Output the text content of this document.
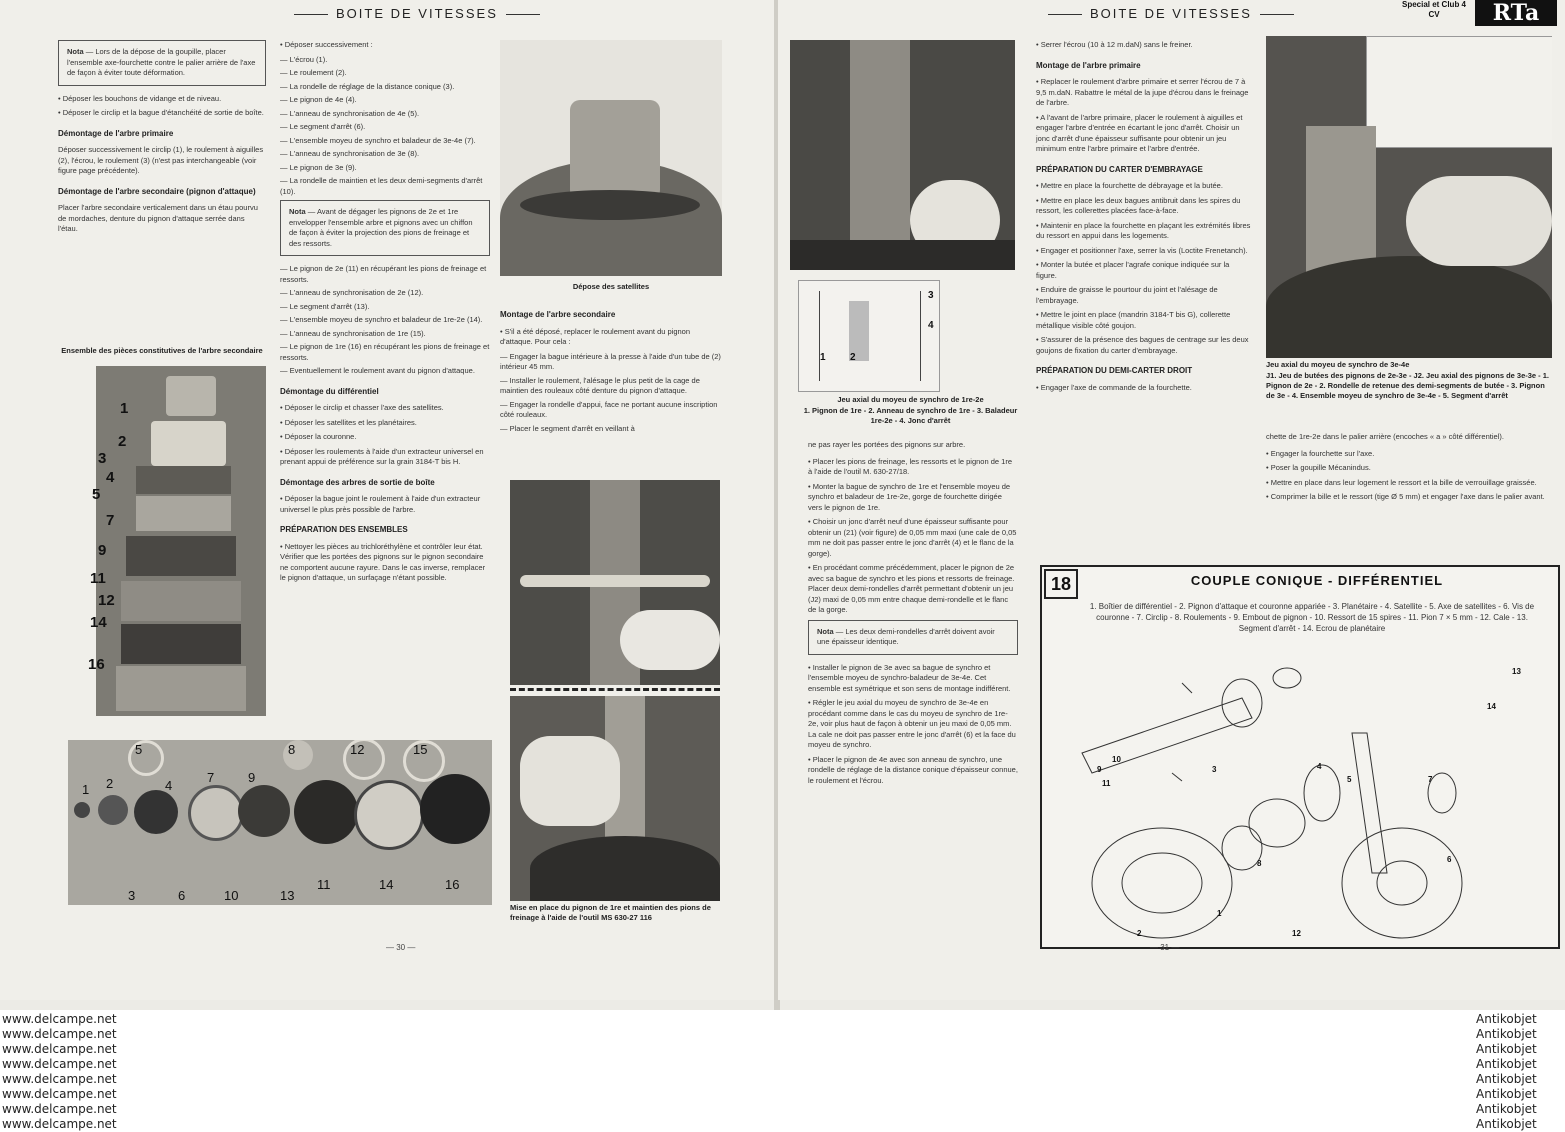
BOITE DE VITESSES
Nota — Lors de la dépose de la goupille, placer l'ensemble axe-fourchette contre le palier arrière de l'axe de façon à éviter toute déformation.

• Déposer les bouchons de vidange et de niveau.

• Déposer le circlip et la bague d'étanchéité de sortie de boîte.

Démontage de l'arbre primaire

Déposer successivement le circlip (1), le roulement à aiguilles (2), l'écrou, le roulement (3) (n'est pas interchangeable (voir figure page précédente).

Démontage de l'arbre secondaire (pignon d'attaque)

Placer l'arbre secondaire verticalement dans un étau pourvu de mordaches, denture du pignon d'attaque serrée dans l'étau.

Ensemble des pièces constitutives de l'arbre secondaire
1
2
3
4
5
7
9
11
12
14
16

• Déposer successivement :

— L'écrou (1).

— Le roulement (2).

— La rondelle de réglage de la distance conique (3).

— Le pignon de 4e (4).

— L'anneau de synchronisation de 4e (5).

— Le segment d'arrêt (6).

— L'ensemble moyeu de synchro et baladeur de 3e-4e (7).

— L'anneau de synchronisation de 3e (8).

— Le pignon de 3e (9).

— La rondelle de maintien et les deux demi-segments d'arrêt (10).

Nota — Avant de dégager les pignons de 2e et 1re envelopper l'ensemble arbre et pignons avec un chiffon de façon à éviter la projection des pions de freinage et des ressorts.

— Le pignon de 2e (11) en récupérant les pions de freinage et ressorts.

— L'anneau de synchronisation de 2e (12).

— Le segment d'arrêt (13).

— L'ensemble moyeu de synchro et baladeur de 1re-2e (14).

— L'anneau de synchronisation de 1re (15).

— Le pignon de 1re (16) en récupérant les pions de freinage et ressorts.

— Eventuellement le roulement avant du pignon d'attaque.

Démontage du différentiel

• Déposer le circlip et chasser l'axe des satellites.

• Déposer les satellites et les planétaires.

• Déposer la couronne.

• Déposer les roulements à l'aide d'un extracteur universel en prenant appui de préférence sur la grain 3184-T bis H.

Démontage des arbres de sortie de boîte

• Déposer la bague joint le roulement à l'aide d'un extracteur universel le plus près possible de l'arbre.

PRÉPARATION DES ENSEMBLES

• Nettoyer les pièces au trichloréthylène et contrôler leur état. Vérifier que les portées des pignons sur le pignon secondaire ne comportent aucune rayure. Dans le cas inverse, remplacer le pignon d'attaque, un surfaçage n'étant possible.

Dépose des satellites
Montage de l'arbre secondaire

• S'il a été déposé, replacer le roulement avant du pignon d'attaque. Pour cela :

— Engager la bague intérieure à la presse à l'aide d'un tube de (2) intérieur 45 mm.

— Installer le roulement, l'alésage le plus petit de la cage de maintien des rouleaux côté denture du pignon d'attaque.

— Engager la rondelle d'appui, face ne portant aucune inscription côté rouleaux.

— Placer le segment d'arrêt en veillant à

Mise en place du pignon de 1re et maintien des pions de freinage à l'aide de l'outil MS 630-27 116
5	8	12	15
1 2	4
7	9
11	14	16
3	6	10	13
— 30 —
BOITE DE VITESSES
Special et Club 4 CV	RTa
3
4
1 2
Jeu axial du moyeu de synchro de 1re-2e
1. Pignon de 1re - 2. Anneau de synchro de 1re - 3. Baladeur 1re-2e - 4. Jonc d'arrêt

ne pas rayer les portées des pignons sur arbre.

• Placer les pions de freinage, les ressorts et le pignon de 1re à l'aide de l'outil M. 630-27/18.

• Monter la bague de synchro de 1re et l'ensemble moyeu de synchro et baladeur de 1re-2e, gorge de fourchette dirigée vers le pignon de 1re.

• Choisir un jonc d'arrêt neuf d'une épaisseur suffisante pour obtenir un (21) (voir figure) de 0,05 mm maxi (une cale de 0,05 mm ne doit pas passer entre le jonc d'arrêt (4) et le flanc de la gorge).

• En procédant comme précédemment, placer le pignon de 2e avec sa bague de synchro et les pions et ressorts de freinage. Placer deux demi-rondelles d'arrêt permettant d'obtenir un jeu (J2) maxi de 0,05 mm entre chaque demi-rondelle et le flanc de la gorge.

Nota — Les deux demi-rondelles d'arrêt doivent avoir une épaisseur identique.

• Installer le pignon de 3e avec sa bague de synchro et l'ensemble moyeu de synchro-baladeur de 3e-4e. Cet ensemble est symétrique et son sens de montage indifférent.

• Régler le jeu axial du moyeu de synchro de 3e-4e en procédant comme dans le cas du moyeu de synchro de 1re-2e, voir plus haut de façon à obtenir un jeu maxi de 0,05 mm. La cale ne doit pas passer entre le jonc d'arrêt (6) et la face du moyeu de synchro.

• Placer le pignon de 4e avec son anneau de synchro, une rondelle de réglage de la distance conique d'épaisseur connue, le roulement et l'écrou.

• Serrer l'écrou (10 à 12 m.daN) sans le freiner.

Montage de l'arbre primaire

• Replacer le roulement d'arbre primaire et serrer l'écrou de 7 à 9,5 m.daN. Rabattre le métal de la jupe d'écrou dans le freinage de l'arbre.

• A l'avant de l'arbre primaire, placer le roulement à aiguilles et engager l'arbre d'entrée en écartant le jonc d'arrêt. Choisir un jonc d'arrêt d'une épaisseur suffisante pour obtenir un jeu minimum entre l'arbre primaire et l'arbre d'entrée.

PRÉPARATION DU CARTER D'EMBRAYAGE

• Mettre en place la fourchette de débrayage et la butée.

• Mettre en place les deux bagues antibruit dans les spires du ressort, les collerettes placées face-à-face.

• Maintenir en place la fourchette en plaçant les extrémités libres du ressort en appui dans les logements.

• Engager et positionner l'axe, serrer la vis (Loctite Frenetanch).

• Monter la butée et placer l'agrafe conique indiquée sur la figure.

• Enduire de graisse le pourtour du joint et l'alésage de l'embrayage.

• Mettre le joint en place (mandrin 3184-T bis G), collerette métallique visible côté goujon.

• S'assurer de la présence des bagues de centrage sur les deux goujons de fixation du carter d'embrayage.

PRÉPARATION DU DEMI-CARTER DROIT

• Engager l'axe de commande de la fourchette.

Jeu axial du moyeu de synchro de 3e-4e
J1. Jeu de butées des pignons de 2e-3e - J2. Jeu axial des pignons de 3e-3e - 1. Pignon de 2e - 2. Rondelle de retenue des demi-segments de butée - 3. Pignon de 3e - 4. Ensemble moyeu de synchro de 3e-4e - 5. Segment d'arrêt

chette de 1re-2e dans le palier arrière (encoches « a » côté différentiel).

• Engager la fourchette sur l'axe.

• Poser la goupille Mécanindus.

• Mettre en place dans leur logement le ressort et la bille de verrouillage graissée.

• Comprimer la bille et le ressort (tige Ø 5 mm) et engager l'axe dans le palier avant.

18	COUPLE CONIQUE - DIFFÉRENTIEL
1. Boîtier de différentiel - 2. Pignon d'attaque et couronne appariée - 3. Planétaire - 4. Satellite - 5. Axe de satellites - 6. Vis de couronne - 7. Circlip - 8. Roulements - 9. Embout de pignon - 10. Ressort de 15 spires - 11. Pion 7 × 5 mm - 12. Cale - 13. Segment d'arrêt - 14. Ecrou de planétaire
13
14
10
9
11
3	4
5	7
6
8
1
12
2
— 31 —
www.delcampe.net
www.delcampe.net
www.delcampe.net
www.delcampe.net
www.delcampe.net
www.delcampe.net
www.delcampe.net
www.delcampe.net
Antikobjet
Antikobjet
Antikobjet
Antikobjet
Antikobjet
Antikobjet
Antikobjet
Antikobjet
